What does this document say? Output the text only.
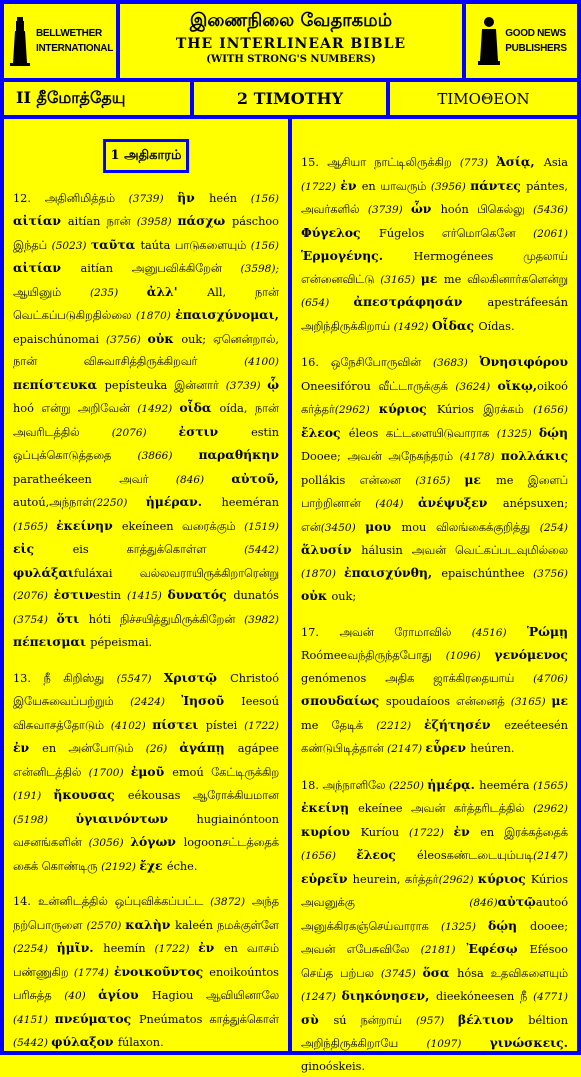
BELLWETHER
INTERNATIONAL
இணைநிலை வேதாகமம்
THE INTERLINEAR BIBLE
(WITH STRONG'S NUMBERS)
GOOD NEWS
PUBLISHERS
II தீமோத்தேயு	2 TIMOTHY	TIMOΘEON
1 அதிகாரம்
12. அதினிமித்தம் (3739) ἣν heén (156) αἰτίαν aitían நான் (3958) πάσχω páschoo இந்தப் (5023) ταῦτα taúta பாடுகளையும் (156) αἰτίαν aitían அனுபவிக்கிறேன் (3598); ஆயினும் (235) ἀλλ' All, நான் வெட்கப்படுகிறதில்லை (1870) ἐπαισχύνομαι, epaischúnomai (3756) οὐκ ouk; ஏனென்றால், நான் விசுவாசித்திருக்கிறவர் (4100) πεπίστευκα pepísteuka இன்னார் (3739) ᾧ hoó என்று அறிவேன் (1492) οἶδα oída, நான் அவரிடத்தில் (2076) ἐστιν estin ஒப்புக்கொடுத்ததை (3866) παραθήκην paratheékeen அவர் (846) αὐτοῦ, autoú,அந்நாள்(2250) ἡμέραν. heeméran (1565) ἐκείνην ekeíneen வரைக்கும் (1519) εἰς eis காத்துக்கொள்ள (5442) φυλάξαιfuláxai வல்லவராயிருக்கிறாரென்று (2076) ἐστινestin (1415) δυνατός dunatós (3754) ὅτι hóti நிச்சயித்துமிருக்கிறேன் (3982) πέπεισμαι pépeismai.
13. நீ கிறிஸ்து (5547) Χριστῷ Christoó இயேசுவைப்பற்றும் (2424) Ἰησοῦ Ieesoú விசுவாசத்தோடும் (4102) πίστει pístei (1722) ἐν en அன்போடும் (26) ἀγάπῃ agápee என்னிடத்தில் (1700) ἐμοῦ emoú கேட்டிருக்கிற (191) ἤκουσας eékousas ஆரோக்கியமான (5198) ὑγιαινόντων hugiainóntoon வசனங்களின் (3056) λόγων logoonசட்டத்தைக் கைக் கொண்டிரு (2192) ἔχε éche.
14. உன்னிடத்தில் ஒப்புவிக்கப்பட்ட (3872) அந்த நற்பொருளை (2570) καλὴν kaleén நமக்குள்ளே (2254) ἡμῖν. heemín (1722) ἐν en வாசம் பண்ணுகிற (1774) ἐνοικοῦντος enoikoúntos பரிசுத்த (40) ἁγίου Hagiou ஆவியினாலே (4151) πνεύματος Pneúmatos காத்துக்கொள் (5442) φύλαξον fúlaxon.
15. ஆசியா நாட்டிலிருக்கிற (773) Ἀσίᾳ, Asia (1722) ἐν en யாவரும் (3956) πάντες pántes, அவர்களில் (3739) ὧν hoón பிகெல்லு (5436) Φύγελος Fúgelos எர்மொகெனே (2061) Ἑρμογένης. Hermogénees முதலாய் என்னைவிட்டு (3165) με me விலகினார்களென்று (654) ἀπεστράφησάν apestráfeesán அறிந்திருக்கிறாய் (1492) Οἶδας Oídas.
16. ஒநேசிபோருவின் (3683) Ὀνησιφόρου Oneesifórou வீட்டாருக்குக் (3624) οἴκῳ,oikoó கர்த்தர்(2962) κύριος Kúrios இரக்கம் (1656) ἔλεος éleos கட்டளையிடுவாராக (1325) δῴη Dooee; அவன் அநேகந்தரம் (4178) πολλάκις pollákis என்னை (3165) με me இளைப் பாற்றினான் (404) ἀνέψυξεν anépsuxen; என்(3450) μου mou விலங்கைக்குறித்து (254) ἅλυσίν hálusin அவன் வெட்கப்படவுமில்லை (1870) ἐπαισχύνθη, epaischúnthee (3756) οὐκ ouk;
17. அவன் ரோமாவில் (4516) Ῥώμῃ Roómeeவந்திருந்தபோது (1096) γενόμενος genómenos அதிக ஜாக்கிரதையாய் (4706) σπουδαίως spoudaíoos என்னைத் (3165) με me தேடிக் (2212) ἐζήτησέν ezeéteesén கண்டுபிடித்தான் (2147) εὗρεν heúren.
18. அந்நாளிலே (2250) ἡμέρᾳ. heeméra (1565) ἐκείνῃ ekeínee அவன் கர்த்தரிடத்தில் (2962) κυρίου Kuríou (1722) ἐν en இரக்கத்தைக் (1656) ἔλεος éleosகண்டடையும்படி(2147) εὑρεῖν heurein, கர்த்தர்(2962) κύριος Kúrios அவனுக்கு (846)αὐτῷautoó அனுக்கிரகஞ்செய்வாராக (1325) δῴη dooee; அவன் எபேசுவிலே (2181) Ἐφέσῳ Efésoo செய்த பற்பல (3745) ὅσα hósa உதவிகளையும் (1247) διηκόνησεν, dieekóneesen நீ (4771) σὺ sú நன்றாய் (957) βέλτιον béltion அறிந்திருக்கிறாயே (1097) γινώσκεις. ginoóskeis.
